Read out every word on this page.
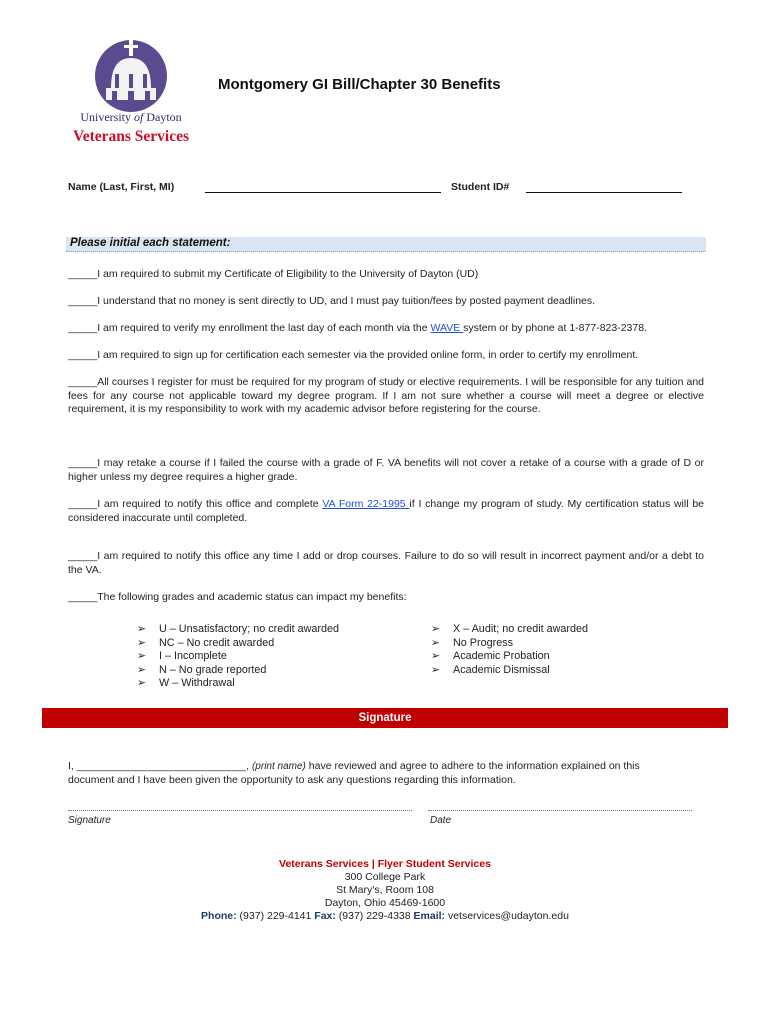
University of Dayton
Veterans Services
Montgomery GI Bill/Chapter 30 Benefits
Name (Last, First, MI)	Student ID#
Please initial each statement:
_____I am required to submit my Certificate of Eligibility to the University of Dayton (UD)
_____I understand that no money is sent directly to UD, and I must pay tuition/fees by posted payment deadlines.
_____I am required to verify my enrollment the last day of each month via the WAVE system or by phone at 1-877-823-2378.
_____I am required to sign up for certification each semester via the provided online form, in order to certify my enrollment.
_____All courses I register for must be required for my program of study or elective requirements. I will be responsible for any tuition and fees for any course not applicable toward my degree program. If I am not sure whether a course will meet a degree or elective requirement, it is my responsibility to work with my academic advisor before registering for the course.
_____I may retake a course if I failed the course with a grade of F. VA benefits will not cover a retake of a course with a grade of D or higher unless my degree requires a higher grade.
_____I am required to notify this office and complete VA Form 22-1995 if I change my program of study. My certification status will be considered inaccurate until completed.
_____I am required to notify this office any time I add or drop courses. Failure to do so will result in incorrect payment and/or a debt to the VA.
_____The following grades and academic status can impact my benefits:
➢ U – Unsatisfactory; no credit awarded
➢ NC – No credit awarded
➢ I – Incomplete
➢ N – No grade reported
➢ W – Withdrawal
➢ X – Audit; no credit awarded
➢ No Progress
➢ Academic Probation
➢ Academic Dismissal
Signature
I, _____________________________, (print name) have reviewed and agree to adhere to the information explained on this
document and I have been given the opportunity to ask any questions regarding this information.
Signature	Date
Veterans Services | Flyer Student Services
300 College Park
St Mary’s, Room 108
Dayton, Ohio 45469-1600
Phone: (937) 229-4141 Fax: (937) 229-4338 Email: vetservices@udayton.edu
